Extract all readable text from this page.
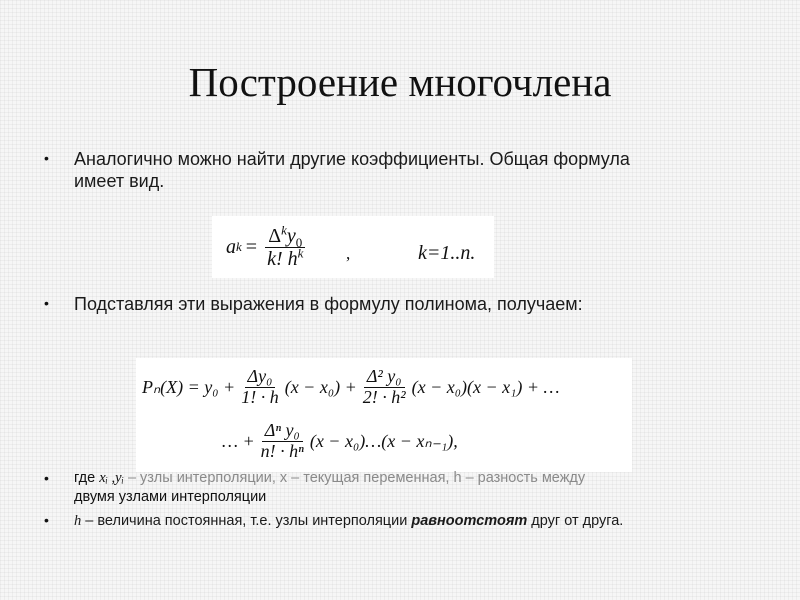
Построение многочлена
• Аналогично можно найти другие коэффициенты. Общая формула
имеет вид.
a $k = \frac{\Delta^ky_0}{k! h^k}$ ,	k=1..n.
• Подставляя эти выражения в формулу полинома, получаем:
$P_n(X) = y_0 + \frac{\text{Δy₀}}{1! \cdot h} (x - x_0) + \frac{\text{Δ² y₀}}{\text{2! · h²}} (x - x_0)(x - x_1)$ + …
… + $\frac{\text{Δⁿ y₀}}{\text{n! · hⁿ}} (x$ − x₀)…(x − xₙ₋₁),
• где xᵢ ,yᵢ – узлы интерполяции, x – текущая переменная, h – разность между
двумя узлами интерполяции
• h – величина постоянная, т.е. узлы интерполяции равноотстоят друг от друга.
